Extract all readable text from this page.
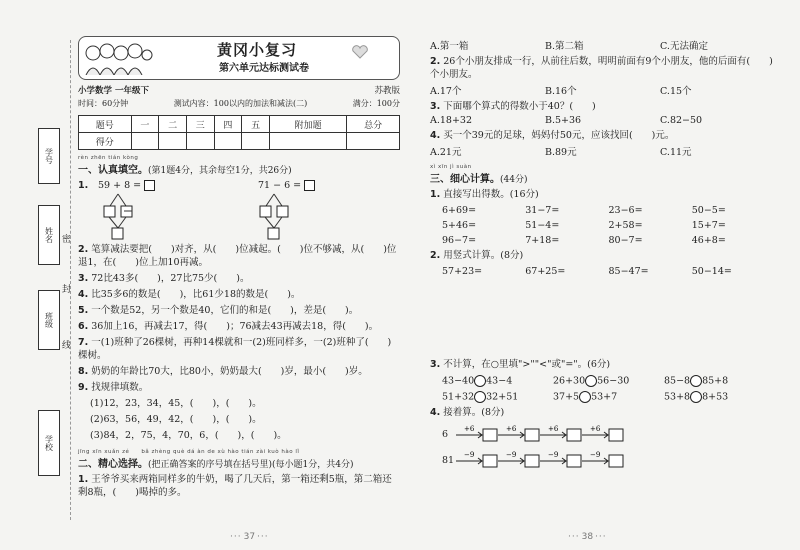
学号
姓名
班级
学校
密
封
线
黄冈小复习
第六单元达标测试卷
小学数学 一年级下	苏教版
时间：60分钟	测试内容：100以内的加法和减法(二)	满分：100分
题号	一	二	三	四	五	附加题	总分
得分							
rèn zhēn tián kòng
一、认真填空。(第1题4分，其余每空1分，共26分)
1.	59 + 8 =	71 − 6 =
2. 笔算减法要把(　　)对齐，从(　　)位减起。(　　)位不够减，从(　　)位退1，在(　　)位上加10再减。
3. 72比43多(　　)，27比75少(　　)。
4. 比35多6的数是(　　)，比61少18的数是(　　)。
5. 一个数是52，另一个数是40，它们的和是(　　)，差是(　　)。
6. 36加上16，再减去17，得(　　)；76减去43再减去18，得(　　)。
7. 一(1)班种了26棵树，再种14棵就和一(2)班同样多，一(2)班种了(　　)棵树。
8. 奶奶的年龄比70大，比80小，奶奶最大(　　)岁，最小(　　)岁。
9. 找规律填数。
(1)12，23，34，45，(　　)，(　　)。
(2)63，56，49，42，(　　)，(　　)。
(3)84，2，75，4，70，6，(　　)，(　　)。
jīng xīn xuǎn zé　　bǎ zhèng què dá àn de xù hào tián zài kuò hào lǐ
二、精心选择。(把正确答案的序号填在括号里)(每小题1分，共4分)
1. 王爷爷买来两箱同样多的牛奶，喝了几天后，第一箱还剩5瓶，第二箱还剩8瓶，(　　)喝掉的多。
A.第一箱	B.第二箱	C.无法确定
2. 26个小朋友排成一行，从前往后数，明明前面有9个小朋友，他的后面有(　　)个小朋友。
A.17个	B.16个	C.15个
3. 下面哪个算式的得数小于40？(　　)
A.18+32	B.5+36	C.82−50
4. 买一个39元的足球，妈妈付50元，应该找回(　　)元。
A.21元	B.89元	C.11元
xì xīn jì suàn
三、细心计算。(44分)
1. 直接写出得数。(16分)
6+69=	31−7=	23−6=	50−5=
5+46=	51−4=	2+58=	15+7=
96−7=	7+18=	80−7=	46+8=
2. 用竖式计算。(8分)
57+23=	67+25=	85−47=	50−14=
3. 不计算，在○里填">""<"或"="。(6分)
43−40 43−4	26+30 56−30	85−8 85+8
51+32 32+51	37+5 53+7	53+8 8+53
4. 接着算。(8分)
6 +6	+6	+6	+6
81 −9	−9	−9	−9
··· 37 ···	··· 38 ···
